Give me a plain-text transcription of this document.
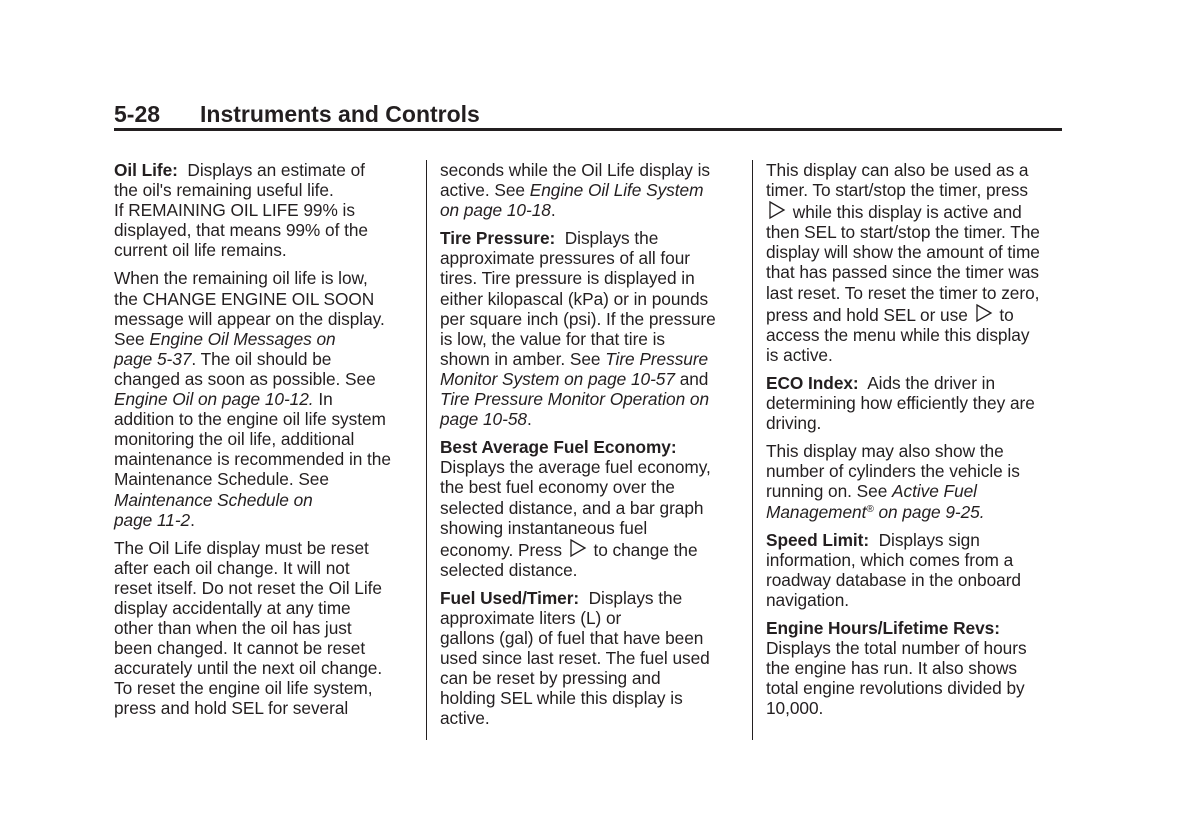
5-28 Instruments and Controls

Oil Life: Displays an estimate of
the oil's remaining useful life.
If REMAINING OIL LIFE 99% is
displayed, that means 99% of the
current oil life remains.

When the remaining oil life is low,
the CHANGE ENGINE OIL SOON
message will appear on the display.
See Engine Oil Messages on
page 5-37. The oil should be
changed as soon as possible. See
Engine Oil on page 10-12. In
addition to the engine oil life system
monitoring the oil life, additional
maintenance is recommended in the
Maintenance Schedule. See
Maintenance Schedule on
page 11-2.

The Oil Life display must be reset
after each oil change. It will not
reset itself. Do not reset the Oil Life
display accidentally at any time
other than when the oil has just
been changed. It cannot be reset
accurately until the next oil change.
To reset the engine oil life system,
press and hold SEL for several

seconds while the Oil Life display is
active. See Engine Oil Life System
on page 10-18.

Tire Pressure: Displays the
approximate pressures of all four
tires. Tire pressure is displayed in
either kilopascal (kPa) or in pounds
per square inch (psi). If the pressure
is low, the value for that tire is
shown in amber. See Tire Pressure
Monitor System on page 10-57 and
Tire Pressure Monitor Operation on
page 10-58.

Best Average Fuel Economy:
Displays the average fuel economy,
the best fuel economy over the
selected distance, and a bar graph
showing instantaneous fuel
economy. Press to change the
selected distance.

Fuel Used/Timer: Displays the
approximate liters (L) or
gallons (gal) of fuel that have been
used since last reset. The fuel used
can be reset by pressing and
holding SEL while this display is
active.

This display can also be used as a
timer. To start/stop the timer, press
while this display is active and
then SEL to start/stop the timer. The
display will show the amount of time
that has passed since the timer was
last reset. To reset the timer to zero,
press and hold SEL or use to
access the menu while this display
is active.

ECO Index: Aids the driver in
determining how efficiently they are
driving.

This display may also show the
number of cylinders the vehicle is
running on. See Active Fuel
Management® on page 9-25.

Speed Limit: Displays sign
information, which comes from a
roadway database in the onboard
navigation.

Engine Hours/Lifetime Revs:
Displays the total number of hours
the engine has run. It also shows
total engine revolutions divided by
10,000.
